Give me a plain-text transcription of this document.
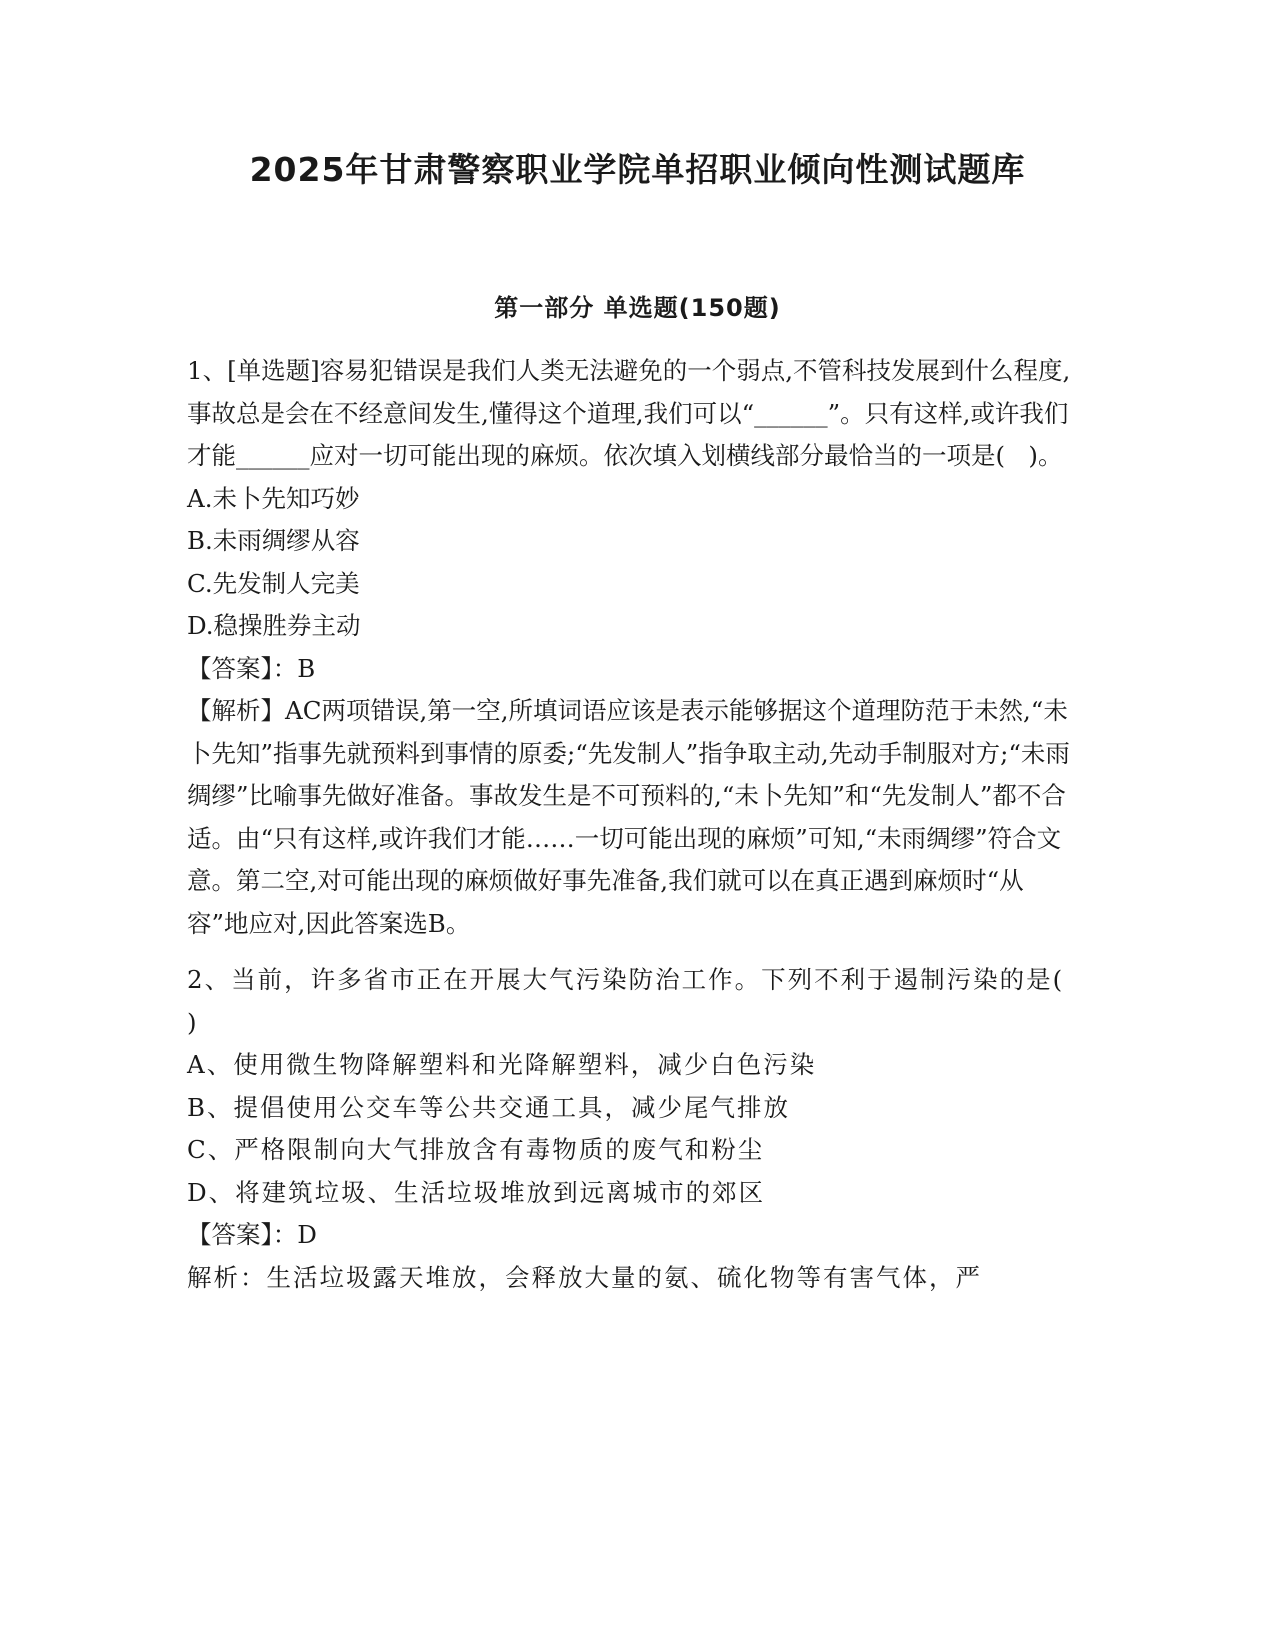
2025年甘肃警察职业学院单招职业倾向性测试题库
第一部分 单选题(150题)

1、[单选题]容易犯错误是我们人类无法避免的一个弱点,不管科技发展到什么程度,事故总是会在不经意间发生,懂得这个道理,我们可以“______”。只有这样,或许我们才能______应对一切可能出现的麻烦。依次填入划横线部分最恰当的一项是(   )。

A.未卜先知巧妙

B.未雨绸缪从容

C.先发制人完美

D.稳操胜券主动

【答案】：B

【解析】AC两项错误,第一空,所填词语应该是表示能够据这个道理防范于未然,“未卜先知”指事先就预料到事情的原委;“先发制人”指争取主动,先动手制服对方;“未雨绸缪”比喻事先做好准备。事故发生是不可预料的,“未卜先知”和“先发制人”都不合适。由“只有这样,或许我们才能……一切可能出现的麻烦”可知,“未雨绸缪”符合文意。第二空,对可能出现的麻烦做好事先准备,我们就可以在真正遇到麻烦时“从容”地应对,因此答案选B。

2、当前，许多省市正在开展大气污染防治工作。下列不利于遏制污染的是(   )

A、使用微生物降解塑料和光降解塑料，减少白色污染

B、提倡使用公交车等公共交通工具，减少尾气排放

C、严格限制向大气排放含有毒物质的废气和粉尘

D、将建筑垃圾、生活垃圾堆放到远离城市的郊区

【答案】：D

解析：生活垃圾露天堆放，会释放大量的氨、硫化物等有害气体，严
